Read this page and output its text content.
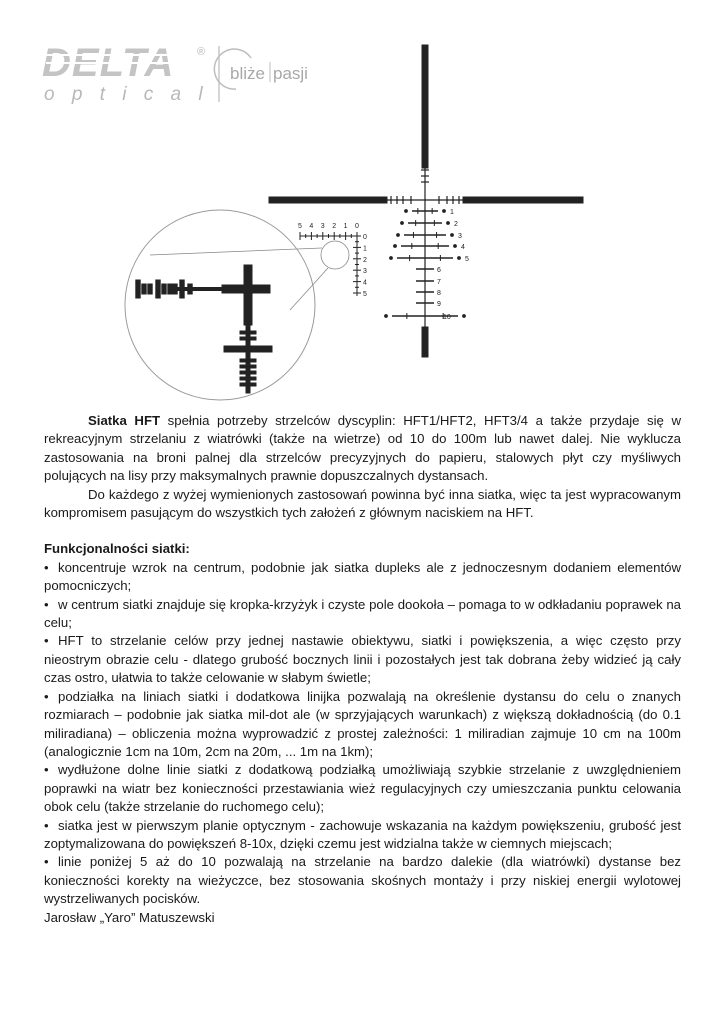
DELTA ®
o p t i c a l
bliże pasji
1
2
3
4
5
6
7
8
9
10
5 4 3 2 1 0
0
1
2
3
4
5

Siatka HFT spełnia potrzeby strzelców dyscyplin: HFT1/HFT2, HFT3/4 a także przydaje się w rekreacyjnym strzelaniu z wiatrówki (także na wietrze) od 10 do 100m lub nawet dalej. Nie wyklucza zastosowania na broni palnej dla strzelców precyzyjnych do papieru, stalowych płyt czy myśliwych polujących na lisy przy maksymalnych prawnie dopuszczalnych dystansach.

Do każdego z wyżej wymienionych zastosowań powinna być inna siatka, więc ta jest wypracowanym kompromisem pasującym do wszystkich tych założeń z głównym naciskiem na HFT.

Funkcjonalności siatki:

• koncentruje wzrok na centrum, podobnie jak siatka dupleks ale z jednoczesnym dodaniem elementów pomocniczych;
• w centrum siatki znajduje się kropka-krzyżyk i czyste pole dookoła – pomaga to w odkładaniu poprawek na celu;
• HFT to strzelanie celów przy jednej nastawie obiektywu, siatki i powiększenia, a więc często przy nieostrym obrazie celu - dlatego grubość bocznych linii i pozostałych jest tak dobrana żeby widzieć ją cały czas ostro, ułatwia to także celowanie w słabym świetle;
• podziałka na liniach siatki i dodatkowa linijka pozwalają na określenie dystansu do celu o znanych rozmiarach – podobnie jak siatka mil-dot ale (w sprzyjających warunkach) z większą dokładnością (do 0.1 miliradiana) – obliczenia można wyprowadzić z prostej zależności: 1 miliradian zajmuje 10 cm na 100m (analogicznie 1cm na 10m, 2cm na 20m, ... 1m na 1km);
• wydłużone dolne linie siatki z dodatkową podziałką umożliwiają szybkie strzelanie z uwzględnieniem poprawki na wiatr bez konieczności przestawiania wież regulacyjnych czy umieszczania punktu celowania obok celu (także strzelanie do ruchomego celu);
• siatka jest w pierwszym planie optycznym - zachowuje wskazania na każdym powiększeniu, grubość jest zoptymalizowana do powiększeń 8-10x, dzięki czemu jest widzialna także w ciemnych miejscach;
• linie poniżej 5 aż do 10 pozwalają na strzelanie na bardzo dalekie (dla wiatrówki) dystanse bez konieczności korekty na wieżyczce, bez stosowania skośnych montaży i przy niskiej energii wylotowej wystrzeliwanych pocisków.

Jarosław „Yaro” Matuszewski
